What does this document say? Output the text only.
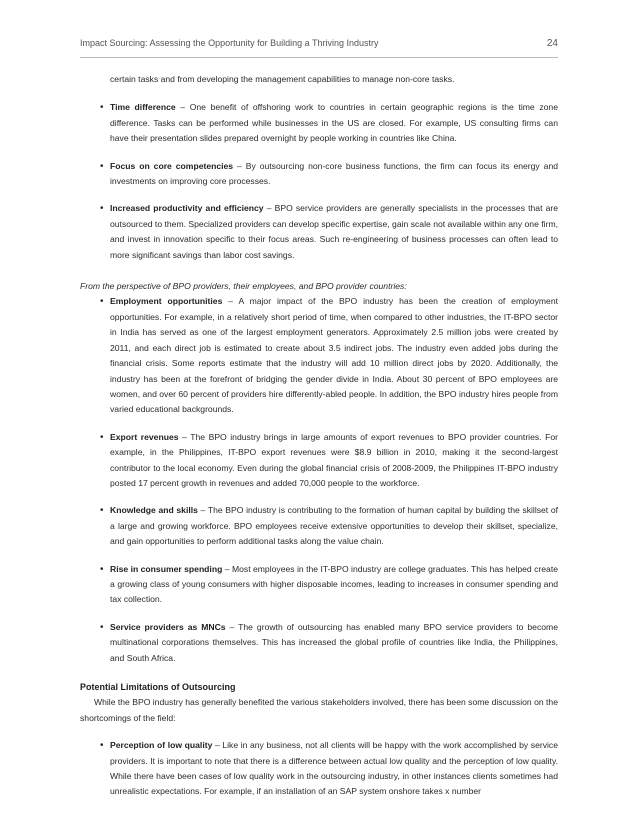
Impact Sourcing: Assessing the Opportunity for Building a Thriving Industry	24

certain tasks and from developing the management capabilities to manage non-core tasks.

• Time difference – One benefit of offshoring work to countries in certain geographic regions is the time zone difference. Tasks can be performed while businesses in the US are closed. For example, US consulting firms can have their presentation slides prepared overnight by people working in countries like China.
• Focus on core competencies – By outsourcing non-core business functions, the firm can focus its energy and investments on improving core processes.
• Increased productivity and efficiency – BPO service providers are generally specialists in the processes that are outsourced to them. Specialized providers can develop specific expertise, gain scale not available within any one firm, and invest in innovation specific to their focus areas. Such re-engineering of business processes can often lead to more significant savings than labor cost savings.

From the perspective of BPO providers, their employees, and BPO provider countries:

• Employment opportunities – A major impact of the BPO industry has been the creation of employment opportunities. For example, in a relatively short period of time, when compared to other industries, the IT-BPO sector in India has served as one of the largest employment generators. Approximately 2.5 million jobs were created by 2011, and each direct job is estimated to create about 3.5 indirect jobs. The industry even added jobs during the financial crisis. Some reports estimate that the industry will add 10 million direct jobs by 2020. Additionally, the industry has been at the forefront of bridging the gender divide in India. About 30 percent of BPO employees are women, and over 60 percent of providers hire differently-abled people. In addition, the BPO industry hires people from varied educational backgrounds.
• Export revenues – The BPO industry brings in large amounts of export revenues to BPO provider countries. For example, in the Philippines, IT-BPO export revenues were $8.9 billion in 2010, making it the second-largest contributor to the local economy. Even during the global financial crisis of 2008-2009, the Philippines IT-BPO industry posted 17 percent growth in revenues and added 70,000 people to the workforce.
• Knowledge and skills – The BPO industry is contributing to the formation of human capital by building the skillset of a large and growing workforce. BPO employees receive extensive opportunities to develop their skillset, specialize, and gain opportunities to perform additional tasks along the value chain.
• Rise in consumer spending – Most employees in the IT-BPO industry are college graduates. This has helped create a growing class of young consumers with higher disposable incomes, leading to increases in consumer spending and tax collection.
• Service providers as MNCs – The growth of outsourcing has enabled many BPO service providers to become multinational corporations themselves. This has increased the global profile of countries like India, the Philippines, and South Africa.

Potential Limitations of Outsourcing

While the BPO industry has generally benefited the various stakeholders involved, there has been some discussion on the shortcomings of the field:

• Perception of low quality – Like in any business, not all clients will be happy with the work accomplished by service providers. It is important to note that there is a difference between actual low quality and the perception of low quality. While there have been cases of low quality work in the outsourcing industry, in other instances clients sometimes had unrealistic expectations. For example, if an installation of an SAP system onshore takes x number
